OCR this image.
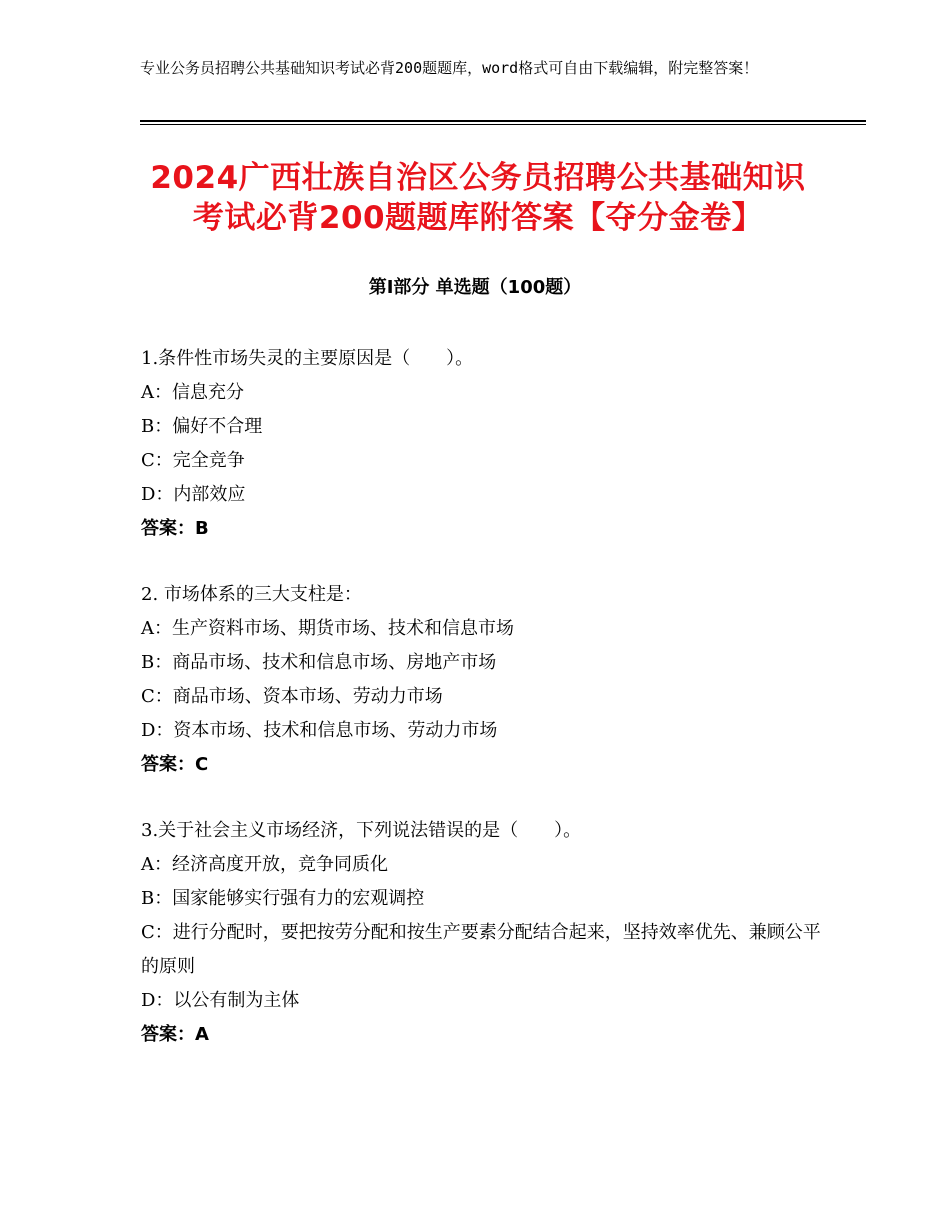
专业公务员招聘公共基础知识考试必背200题题库，word格式可自由下载编辑，附完整答案！
2024广西壮族自治区公务员招聘公共基础知识考试必背200题题库附答案【夺分金卷】
第Ⅰ部分 单选题（100题）
1.条件性市场失灵的主要原因是（　　）。
A：信息充分
B：偏好不合理
C：完全竞争
D：内部效应
答案：B
2. 市场体系的三大支柱是：
A：生产资料市场、期货市场、技术和信息市场
B：商品市场、技术和信息市场、房地产市场
C：商品市场、资本市场、劳动力市场
D：资本市场、技术和信息市场、劳动力市场
答案：C
3.关于社会主义市场经济，下列说法错误的是（　　）。
A：经济高度开放，竞争同质化
B：国家能够实行强有力的宏观调控
C：进行分配时，要把按劳分配和按生产要素分配结合起来，坚持效率优先、兼顾公平的原则
D：以公有制为主体
答案：A
